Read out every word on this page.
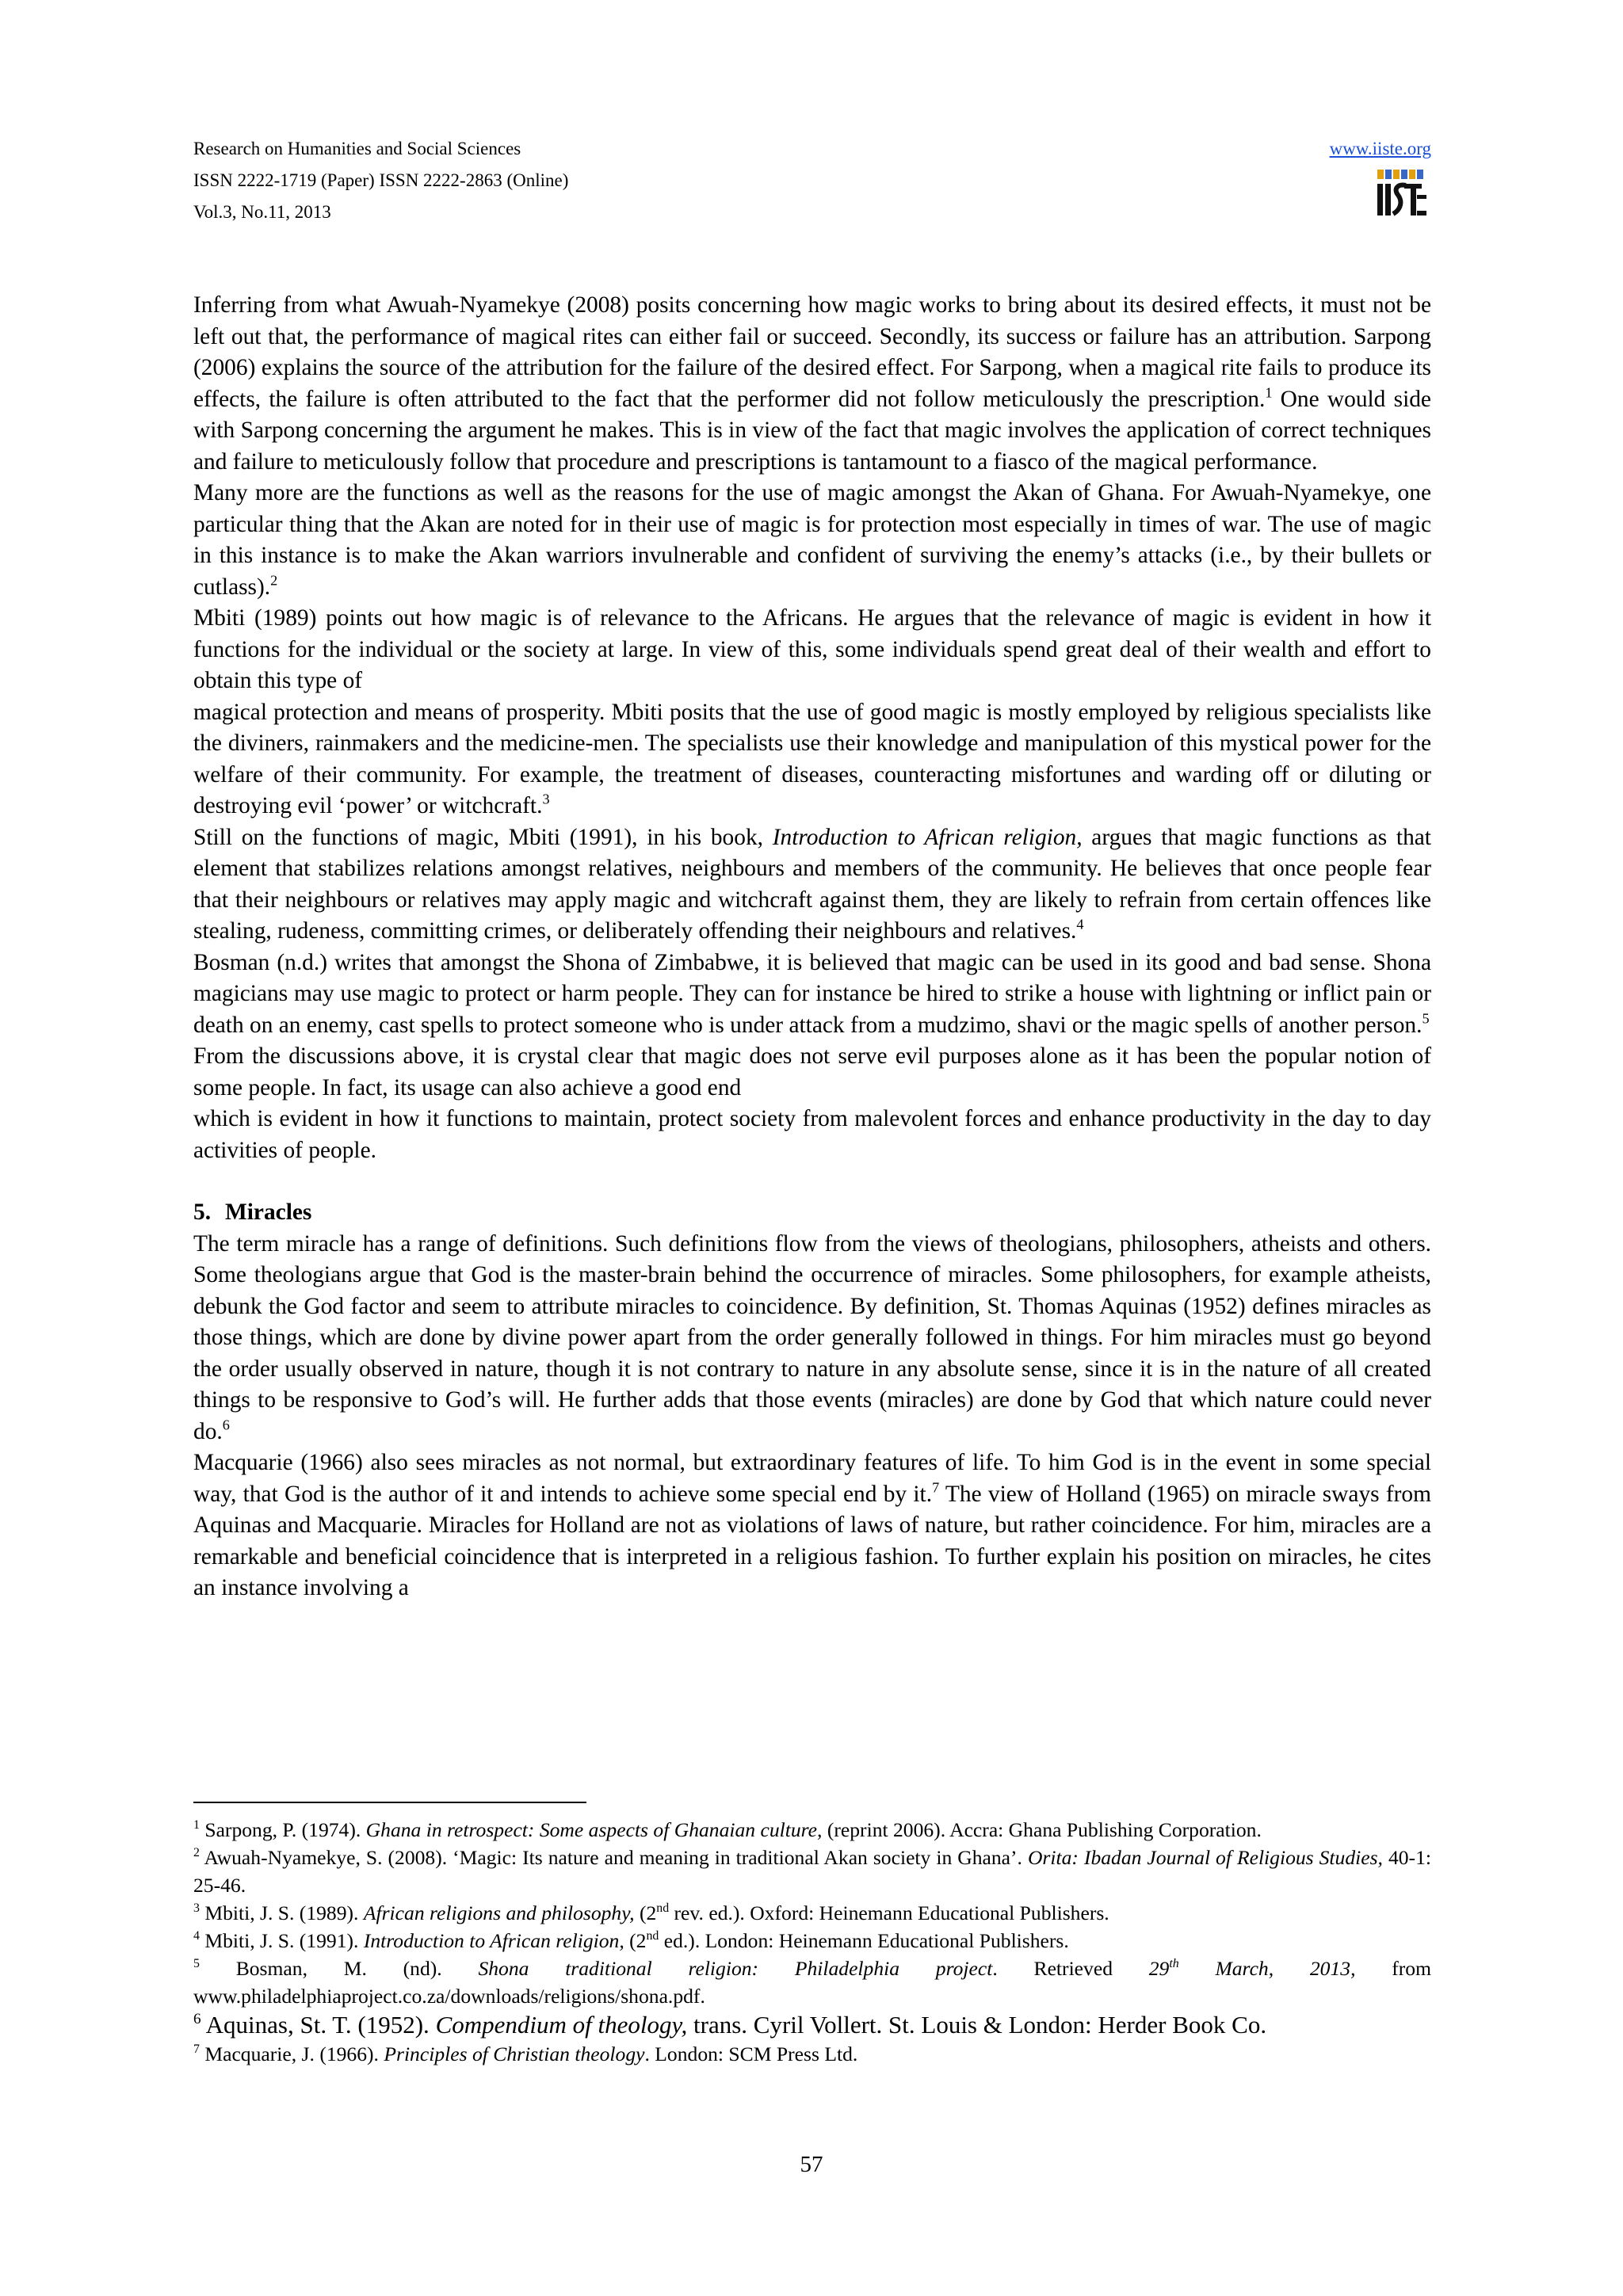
Research on Humanities and Social Sciences
ISSN 2222-1719 (Paper) ISSN 2222-2863 (Online)
Vol.3, No.11, 2013
www.iiste.org

Inferring from what Awuah-Nyamekye (2008) posits concerning how magic works to bring about its desired effects, it must not be left out that, the performance of magical rites can either fail or succeed. Secondly, its success or failure has an attribution. Sarpong (2006) explains the source of the attribution for the failure of the desired effect. For Sarpong, when a magical rite fails to produce its effects, the failure is often attributed to the fact that the performer did not follow meticulously the prescription.$^1$ One would side with Sarpong concerning the argument he makes. This is in view of the fact that magic involves the application of correct techniques and failure to meticulously follow that procedure and prescriptions is tantamount to a fiasco of the magical performance.

Many more are the functions as well as the reasons for the use of magic amongst the Akan of Ghana. For Awuah-Nyamekye, one particular thing that the Akan are noted for in their use of magic is for protection most especially in times of war. The use of magic in this instance is to make the Akan warriors invulnerable and confident of surviving the enemy’s attacks (i.e., by their bullets or cutlass).$^2$

Mbiti (1989) points out how magic is of relevance to the Africans. He argues that the relevance of magic is evident in how it functions for the individual or the society at large. In view of this, some individuals spend great deal of their wealth and effort to obtain this type of

magical protection and means of prosperity. Mbiti posits that the use of good magic is mostly employed by religious specialists like the diviners, rainmakers and the medicine-men. The specialists use their knowledge and manipulation of this mystical power for the welfare of their community. For example, the treatment of diseases, counteracting misfortunes and warding off or diluting or destroying evil ‘power’ or witchcraft.$^3$

Still on the functions of magic, Mbiti (1991), in his book, Introduction to African religion, argues that magic functions as that element that stabilizes relations amongst relatives, neighbours and members of the community. He believes that once people fear that their neighbours or relatives may apply magic and witchcraft against them, they are likely to refrain from certain offences like stealing, rudeness, committing crimes, or deliberately offending their neighbours and relatives.$^4$

Bosman (n.d.) writes that amongst the Shona of Zimbabwe, it is believed that magic can be used in its good and bad sense. Shona magicians may use magic to protect or harm people. They can for instance be hired to strike a house with lightning or inflict pain or death on an enemy, cast spells to protect someone who is under attack from a mudzimo, shavi or the magic spells of another person.$^5$

From the discussions above, it is crystal clear that magic does not serve evil purposes alone as it has been the popular notion of some people. In fact, its usage can also achieve a good end

which is evident in how it functions to maintain, protect society from malevolent forces and enhance productivity in the day to day activities of people.

5. Miracles

The term miracle has a range of definitions. Such definitions flow from the views of theologians, philosophers, atheists and others. Some theologians argue that God is the master-brain behind the occurrence of miracles. Some philosophers, for example atheists, debunk the God factor and seem to attribute miracles to coincidence. By definition, St. Thomas Aquinas (1952) defines miracles as those things, which are done by divine power apart from the order generally followed in things. For him miracles must go beyond the order usually observed in nature, though it is not contrary to nature in any absolute sense, since it is in the nature of all created things to be responsive to God’s will. He further adds that those events (miracles) are done by God that which nature could never do.$^6$

Macquarie (1966) also sees miracles as not normal, but extraordinary features of life. To him God is in the event in some special way, that God is the author of it and intends to achieve some special end by it.$^7$ The view of Holland (1965) on miracle sways from Aquinas and Macquarie. Miracles for Holland are not as violations of laws of nature, but rather coincidence. For him, miracles are a remarkable and beneficial coincidence that is interpreted in a religious fashion. To further explain his position on miracles, he cites an instance involving a

$^1$ Sarpong, P. (1974). Ghana in retrospect: Some aspects of Ghanaian culture, (reprint 2006). Accra: Ghana Publishing Corporation.

$^2$ Awuah-Nyamekye, S. (2008). ‘Magic: Its nature and meaning in traditional Akan society in Ghana’. Orita: Ibadan Journal of Religious Studies, 40-1: 25-46.

$^3$ Mbiti, J. S. (1989). African religions and philosophy, (2nd rev. ed.). Oxford: Heinemann Educational Publishers.

$^4$ Mbiti, J. S. (1991). Introduction to African religion, (2nd ed.). London: Heinemann Educational Publishers.

$^5$ Bosman, M. (nd). Shona traditional religion: Philadelphia project. Retrieved 29th March, 2013, from

www.philadelphiaproject.co.za/downloads/religions/shona.pdf.

$^6$ Aquinas, St. T. (1952). Compendium of theology, trans. Cyril Vollert. St. Louis & London: Herder Book Co.

$^7$ Macquarie, J. (1966). Principles of Christian theology. London: SCM Press Ltd.

57
